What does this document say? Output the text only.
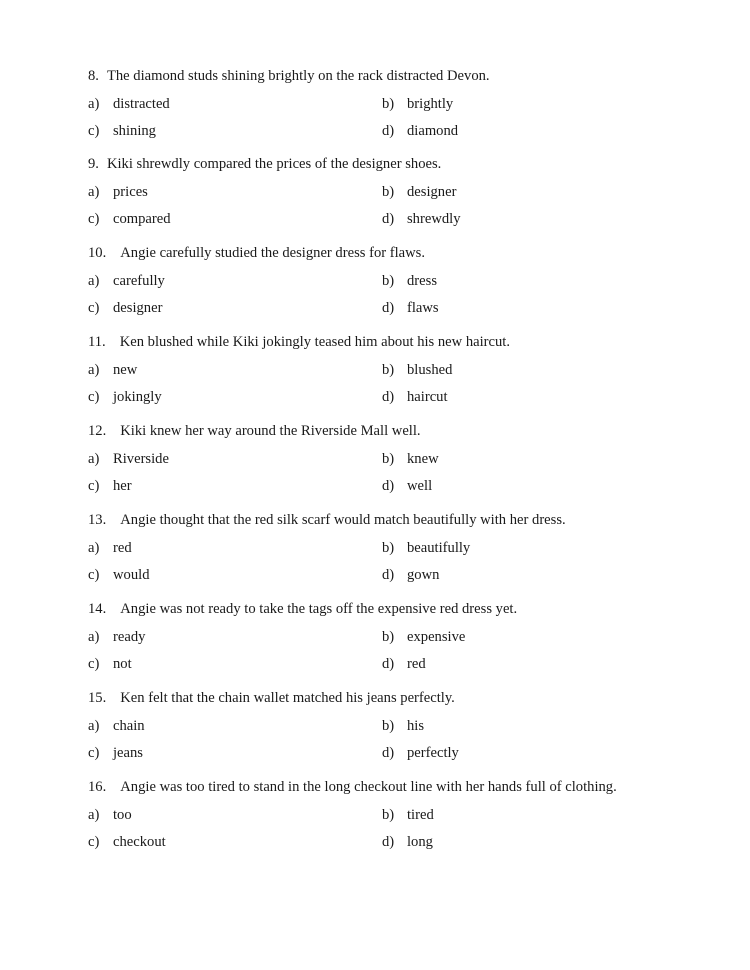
8. The diamond studs shining brightly on the rack distracted Devon.
a) distracted	b) brightly
c) shining	d) diamond
9. Kiki shrewdly compared the prices of the designer shoes.
a) prices	b) designer
c) compared	d) shrewdly
10. Angie carefully studied the designer dress for flaws.
a) carefully	b) dress
c) designer	d) flaws
11. Ken blushed while Kiki jokingly teased him about his new haircut.
a) new	b) blushed
c) jokingly	d) haircut
12. Kiki knew her way around the Riverside Mall well.
a) Riverside	b) knew
c) her	d) well
13. Angie thought that the red silk scarf would match beautifully with her dress.
a) red	b) beautifully
c) would	d) gown
14. Angie was not ready to take the tags off the expensive red dress yet.
a) ready	b) expensive
c) not	d) red
15. Ken felt that the chain wallet matched his jeans perfectly.
a) chain	b) his
c) jeans	d) perfectly
16. Angie was too tired to stand in the long checkout line with her hands full of clothing.
a) too	b) tired
c) checkout	d) long
